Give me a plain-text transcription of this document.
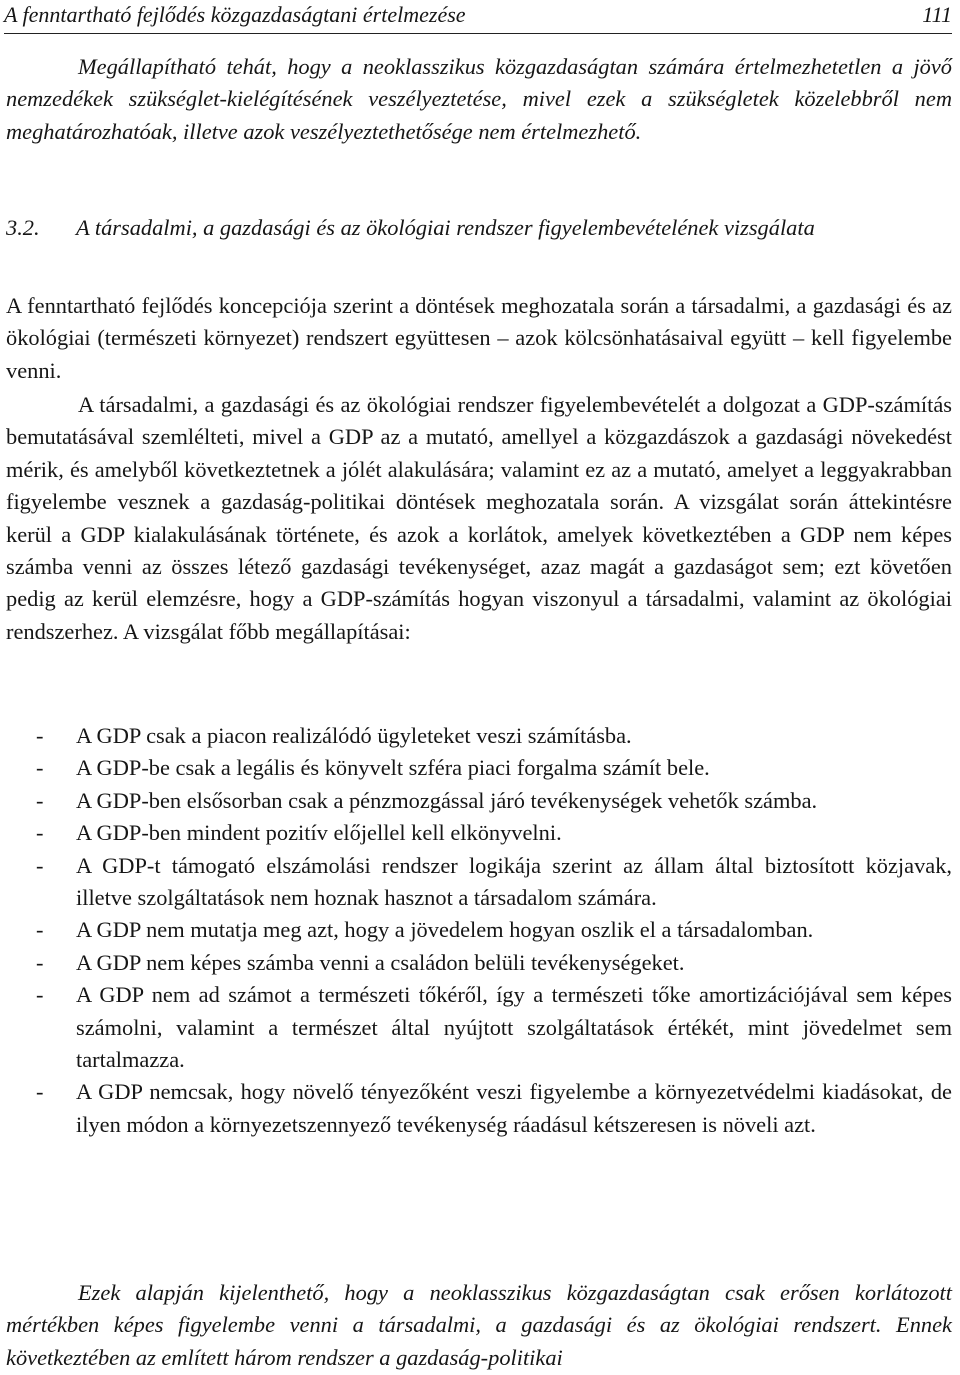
A fenntartható fejlődés közgazdaságtani értelmezése	111

Megállapítható tehát, hogy a neoklasszikus közgazdaságtan számára értelmezhetetlen a jövő nemzedékek szükséglet-kielégítésének veszélyeztetése, mivel ezek a szükségletek közelebbről nem meghatározhatóak, illetve azok veszélyeztethetősége nem értelmezhető.

3.2. A társadalmi, a gazdasági és az ökológiai rendszer figyelembevételének vizsgálata

A fenntartható fejlődés koncepciója szerint a döntések meghozatala során a társadalmi, a gazdasági és az ökológiai (természeti környezet) rendszert együttesen – azok kölcsönhatásaival együtt – kell figyelembe venni.

A társadalmi, a gazdasági és az ökológiai rendszer figyelembevételét a dolgozat a GDP-számítás bemutatásával szemlélteti, mivel a GDP az a mutató, amellyel a közgazdászok a gazdasági növekedést mérik, és amelyből következtetnek a jólét alakulására; valamint ez az a mutató, amelyet a leggyakrabban figyelembe vesznek a gazdaság-politikai döntések meghozatala során. A vizsgálat során áttekintésre kerül a GDP kialakulásának története, és azok a korlátok, amelyek következtében a GDP nem képes számba venni az összes létező gazdasági tevékenységet, azaz magát a gazdaságot sem; ezt követően pedig az kerül elemzésre, hogy a GDP-számítás hogyan viszonyul a társadalmi, valamint az ökológiai rendszerhez. A vizsgálat főbb megállapításai:

- A GDP csak a piacon realizálódó ügyleteket veszi számításba.
- A GDP-be csak a legális és könyvelt szféra piaci forgalma számít bele.
- A GDP-ben elsősorban csak a pénzmozgással járó tevékenységek vehetők számba.
- A GDP-ben mindent pozitív előjellel kell elkönyvelni.
- A GDP-t támogató elszámolási rendszer logikája szerint az állam által biztosított közjavak, illetve szolgáltatások nem hoznak hasznot a társadalom számára.
- A GDP nem mutatja meg azt, hogy a jövedelem hogyan oszlik el a társadalomban.
- A GDP nem képes számba venni a családon belüli tevékenységeket.
- A GDP nem ad számot a természeti tőkéről, így a természeti tőke amortizációjával sem képes számolni, valamint a természet által nyújtott szolgáltatások értékét, mint jövedelmet sem tartalmazza.
- A GDP nemcsak, hogy növelő tényezőként veszi figyelembe a környezetvédelmi kiadásokat, de ilyen módon a környezetszennyező tevékenység ráadásul kétszeresen is növeli azt.

Ezek alapján kijelenthető, hogy a neoklasszikus közgazdaságtan csak erősen korlátozott mértékben képes figyelembe venni a társadalmi, a gazdasági és az ökológiai rendszert. Ennek következtében az említett három rendszer a gazdaság-politikai
